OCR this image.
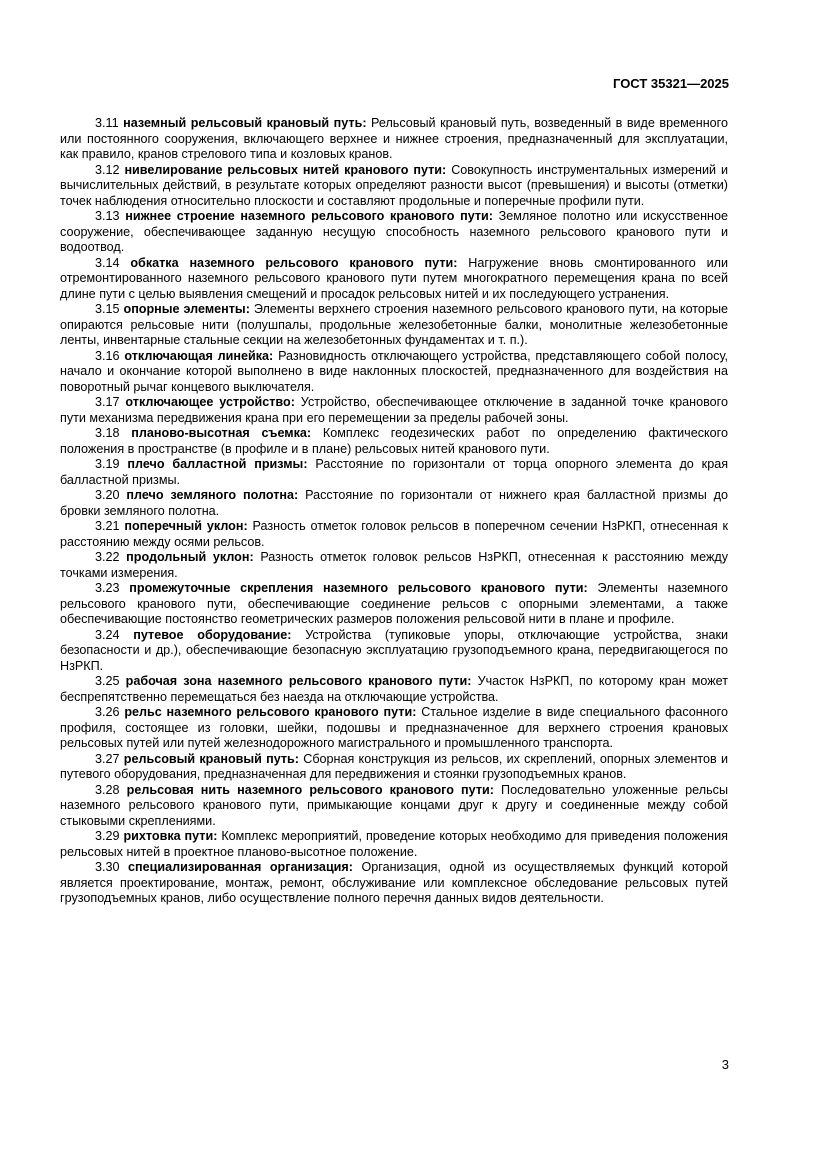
ГОСТ 35321—2025

3.11 наземный рельсовый крановый путь: Рельсовый крановый путь, возведенный в виде временного или постоянного сооружения, включающего верхнее и нижнее строения, предназначенный для эксплуатации, как правило, кранов стрелового типа и козловых кранов.

3.12 нивелирование рельсовых нитей кранового пути: Совокупность инструментальных измерений и вычислительных действий, в результате которых определяют разности высот (превышения) и высоты (отметки) точек наблюдения относительно плоскости и составляют продольные и поперечные профили пути.

3.13 нижнее строение наземного рельсового кранового пути: Земляное полотно или искусственное сооружение, обеспечивающее заданную несущую способность наземного рельсового кранового пути и водоотвод.

3.14 обкатка наземного рельсового кранового пути: Нагружение вновь смонтированного или отремонтированного наземного рельсового кранового пути путем многократного перемещения крана по всей длине пути с целью выявления смещений и просадок рельсовых нитей и их последующего устранения.

3.15 опорные элементы: Элементы верхнего строения наземного рельсового кранового пути, на которые опираются рельсовые нити (полушпалы, продольные железобетонные балки, монолитные железобетонные ленты, инвентарные стальные секции на железобетонных фундаментах и т. п.).

3.16 отключающая линейка: Разновидность отключающего устройства, представляющего собой полосу, начало и окончание которой выполнено в виде наклонных плоскостей, предназначенного для воздействия на поворотный рычаг концевого выключателя.

3.17 отключающее устройство: Устройство, обеспечивающее отключение в заданной точке кранового пути механизма передвижения крана при его перемещении за пределы рабочей зоны.

3.18 планово-высотная съемка: Комплекс геодезических работ по определению фактического положения в пространстве (в профиле и в плане) рельсовых нитей кранового пути.

3.19 плечо балластной призмы: Расстояние по горизонтали от торца опорного элемента до края балластной призмы.

3.20 плечо земляного полотна: Расстояние по горизонтали от нижнего края балластной призмы до бровки земляного полотна.

3.21 поперечный уклон: Разность отметок головок рельсов в поперечном сечении НзРКП, отнесенная к расстоянию между осями рельсов.

3.22 продольный уклон: Разность отметок головок рельсов НзРКП, отнесенная к расстоянию между точками измерения.

3.23 промежуточные скрепления наземного рельсового кранового пути: Элементы наземного рельсового кранового пути, обеспечивающие соединение рельсов с опорными элементами, а также обеспечивающие постоянство геометрических размеров положения рельсовой нити в плане и профиле.

3.24 путевое оборудование: Устройства (тупиковые упоры, отключающие устройства, знаки безопасности и др.), обеспечивающие безопасную эксплуатацию грузоподъемного крана, передвигающегося по НзРКП.

3.25 рабочая зона наземного рельсового кранового пути: Участок НзРКП, по которому кран может беспрепятственно перемещаться без наезда на отключающие устройства.

3.26 рельс наземного рельсового кранового пути: Стальное изделие в виде специального фасонного профиля, состоящее из головки, шейки, подошвы и предназначенное для верхнего строения крановых рельсовых путей или путей железнодорожного магистрального и промышленного транспорта.

3.27 рельсовый крановый путь: Сборная конструкция из рельсов, их скреплений, опорных элементов и путевого оборудования, предназначенная для передвижения и стоянки грузоподъемных кранов.

3.28 рельсовая нить наземного рельсового кранового пути: Последовательно уложенные рельсы наземного рельсового кранового пути, примыкающие концами друг к другу и соединенные между собой стыковыми скреплениями.

3.29 рихтовка пути: Комплекс мероприятий, проведение которых необходимо для приведения положения рельсовых нитей в проектное планово-высотное положение.

3.30 специализированная организация: Организация, одной из осуществляемых функций которой является проектирование, монтаж, ремонт, обслуживание или комплексное обследование рельсовых путей грузоподъемных кранов, либо осуществление полного перечня данных видов деятельности.

3
